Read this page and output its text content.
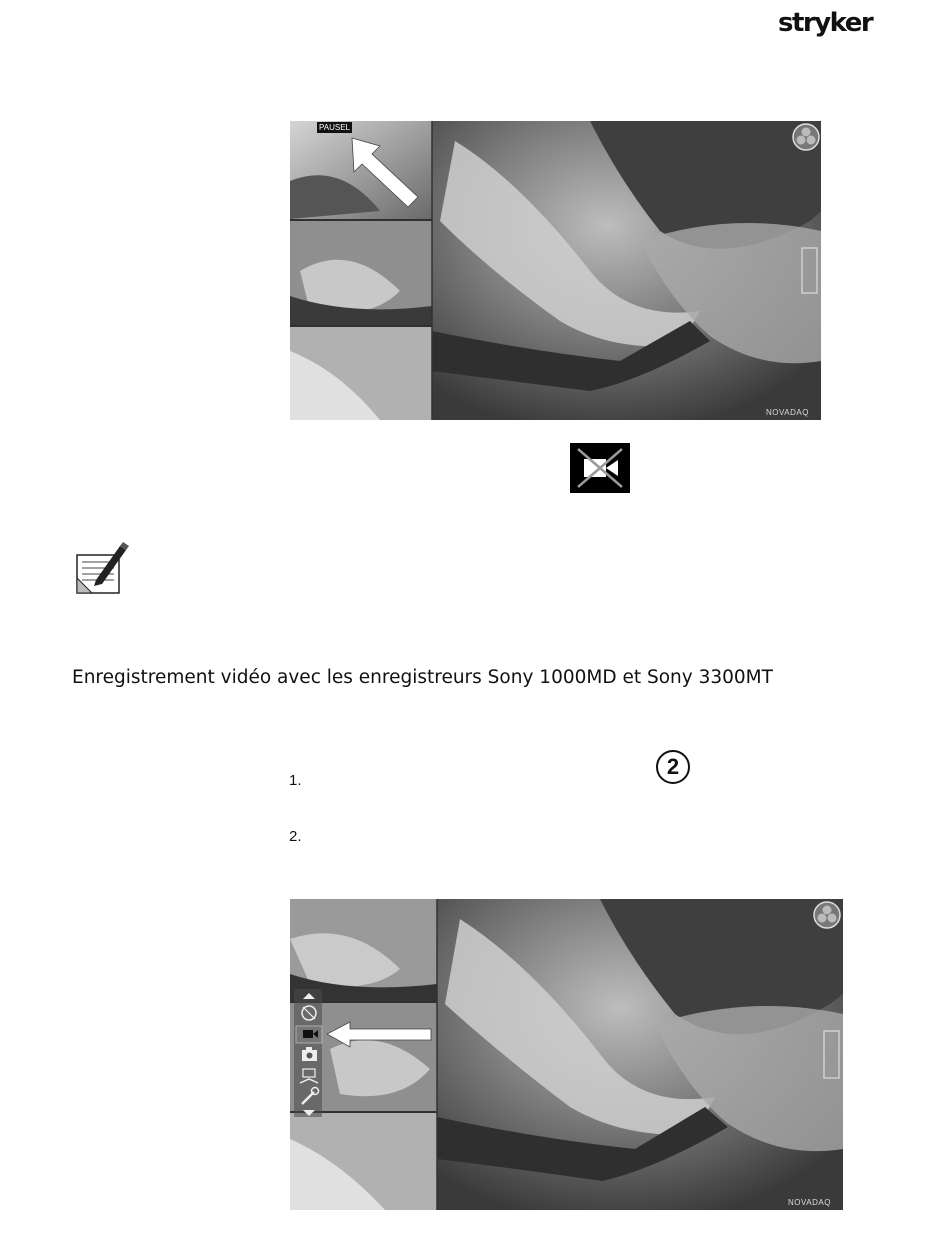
stryker
PAUSEL
NOVADAQ
Enregistrement vidéo avec les enregistreurs Sony 1000MD et Sony 3300MT
1.
2
2.
NOVADAQ
